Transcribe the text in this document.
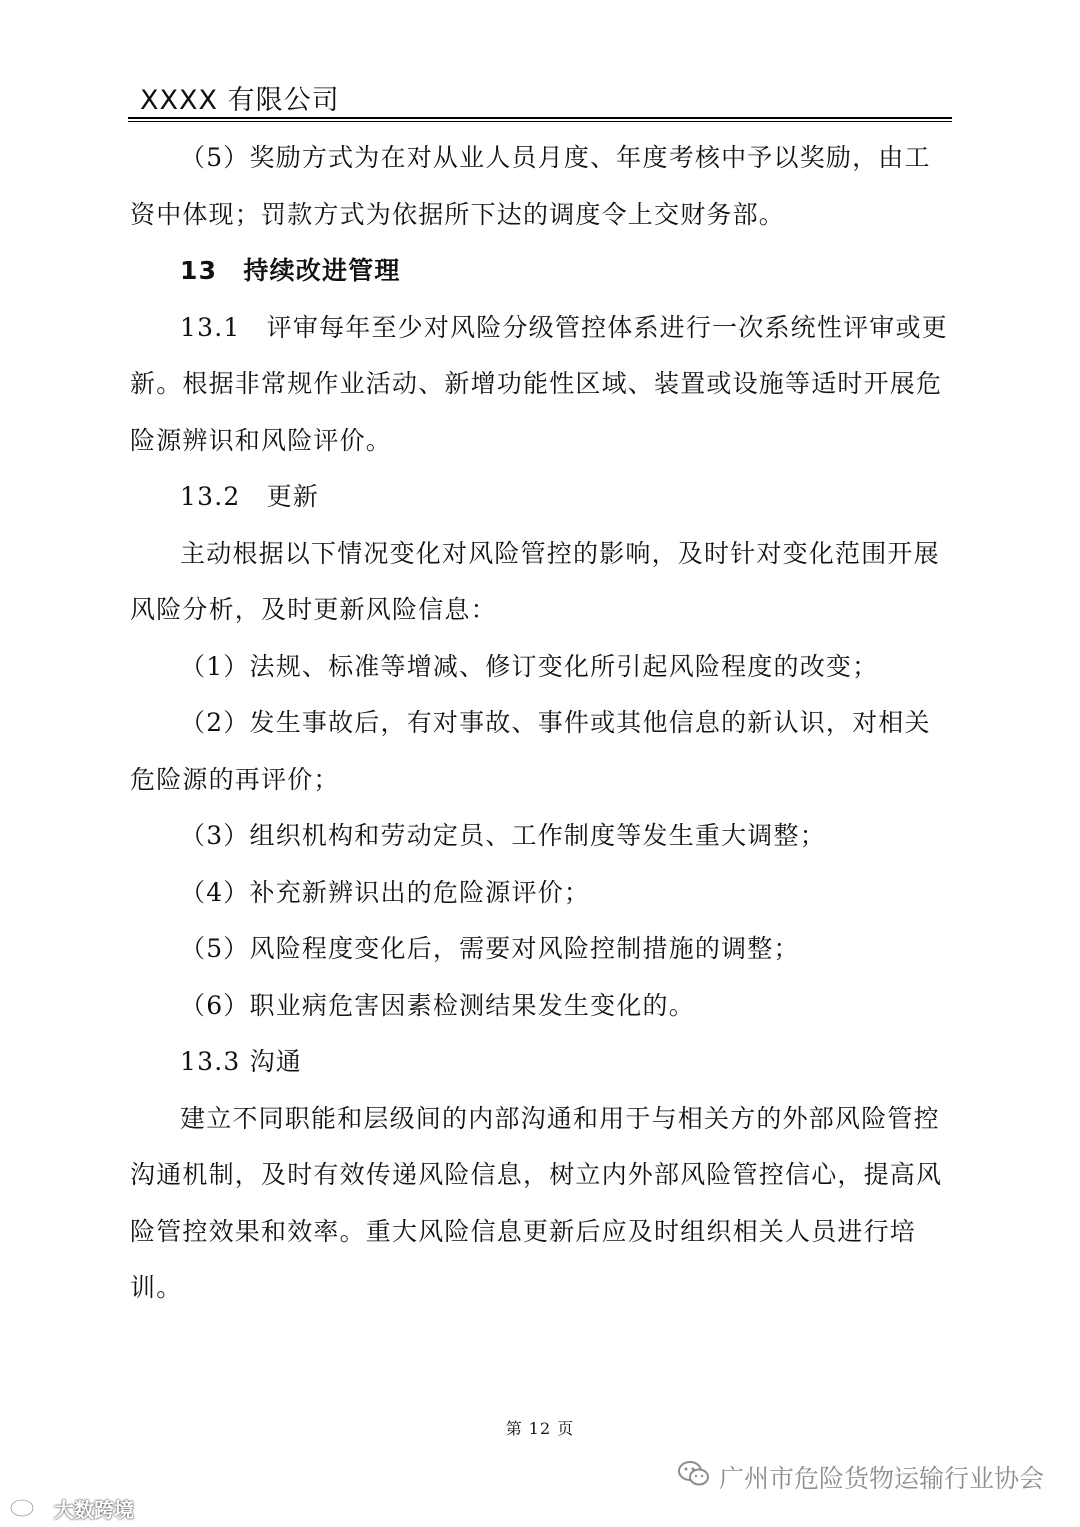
XXXX 有限公司

（5）奖励方式为在对从业人员月度、年度考核中予以奖励，由工资中体现；罚款方式为依据所下达的调度令上交财务部。

13　持续改进管理

13.1　评审每年至少对风险分级管控体系进行一次系统性评审或更新。根据非常规作业活动、新增功能性区域、装置或设施等适时开展危险源辨识和风险评价。

13.2　更新

主动根据以下情况变化对风险管控的影响，及时针对变化范围开展风险分析，及时更新风险信息：

（1）法规、标准等增减、修订变化所引起风险程度的改变；

（2）发生事故后，有对事故、事件或其他信息的新认识，对相关危险源的再评价；

（3）组织机构和劳动定员、工作制度等发生重大调整；

（4）补充新辨识出的危险源评价；

（5）风险程度变化后，需要对风险控制措施的调整；

（6）职业病危害因素检测结果发生变化的。

13.3 沟通

建立不同职能和层级间的内部沟通和用于与相关方的外部风险管控沟通机制，及时有效传递风险信息，树立内外部风险管控信心，提高风险管控效果和效率。重大风险信息更新后应及时组织相关人员进行培训。

第 12 页
广州市危险货物运输行业协会
大数跨境
